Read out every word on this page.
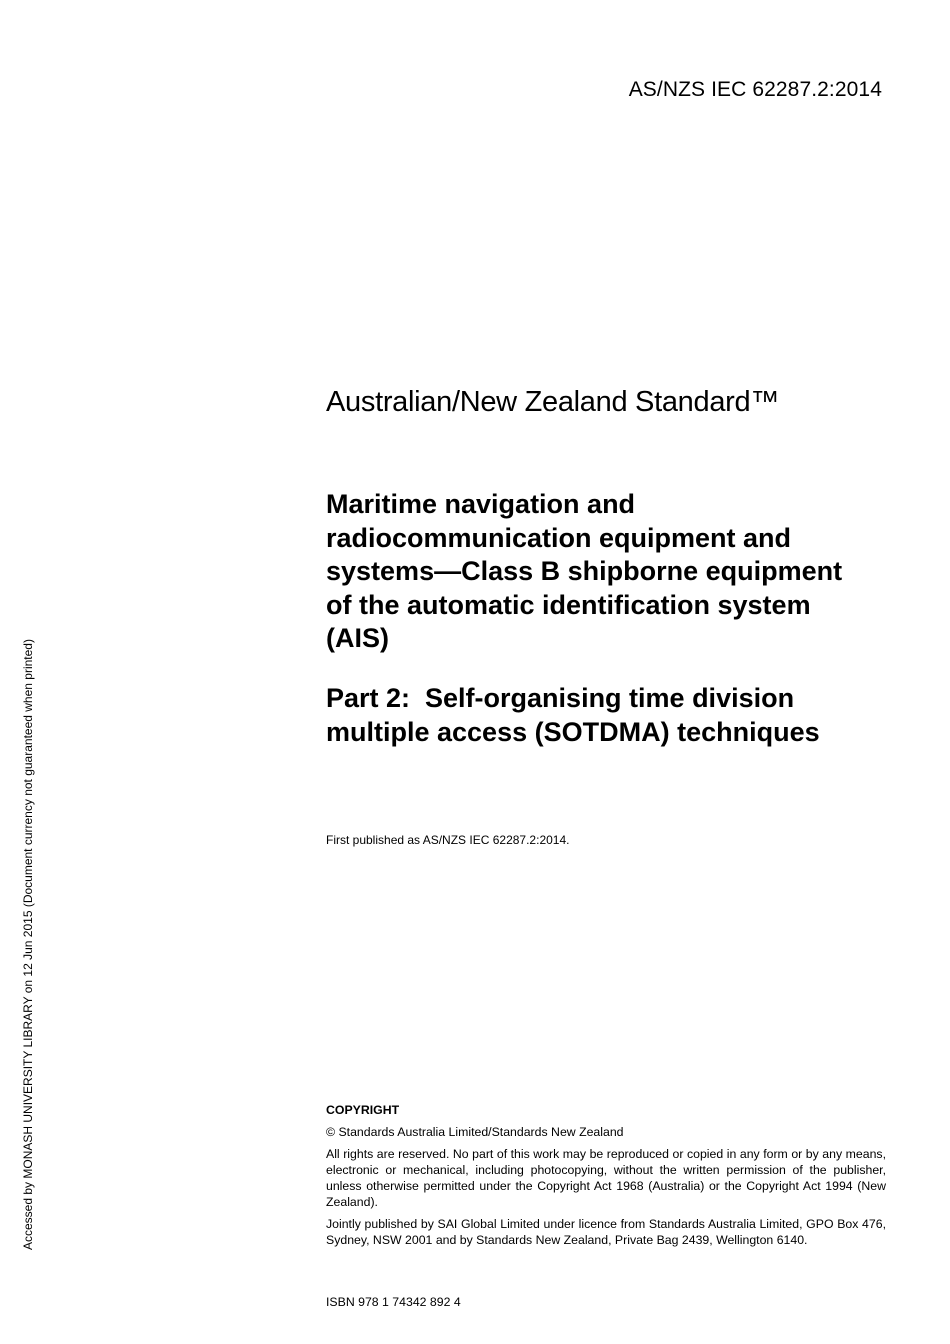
AS/NZS IEC 62287.2:2014
Accessed by MONASH UNIVERSITY LIBRARY on 12 Jun 2015 (Document currency not guaranteed when printed)
Australian/New Zealand Standard™
Maritime navigation and
radiocommunication equipment and
systems—Class B shipborne equipment
of the automatic identification system
(AIS)
Part 2:  Self-organising time division
multiple access (SOTDMA) techniques
First published as AS/NZS IEC 62287.2:2014.

COPYRIGHT

© Standards Australia Limited/Standards New Zealand

All rights are reserved. No part of this work may be reproduced or copied in any form or by any means, electronic or mechanical, including photocopying, without the written permission of the publisher, unless otherwise permitted under the Copyright Act 1968 (Australia) or the Copyright Act 1994 (New Zealand).

Jointly published by SAI Global Limited under licence from Standards Australia Limited, GPO Box 476, Sydney, NSW 2001 and by Standards New Zealand, Private Bag 2439, Wellington 6140.

ISBN 978 1 74342 892 4
